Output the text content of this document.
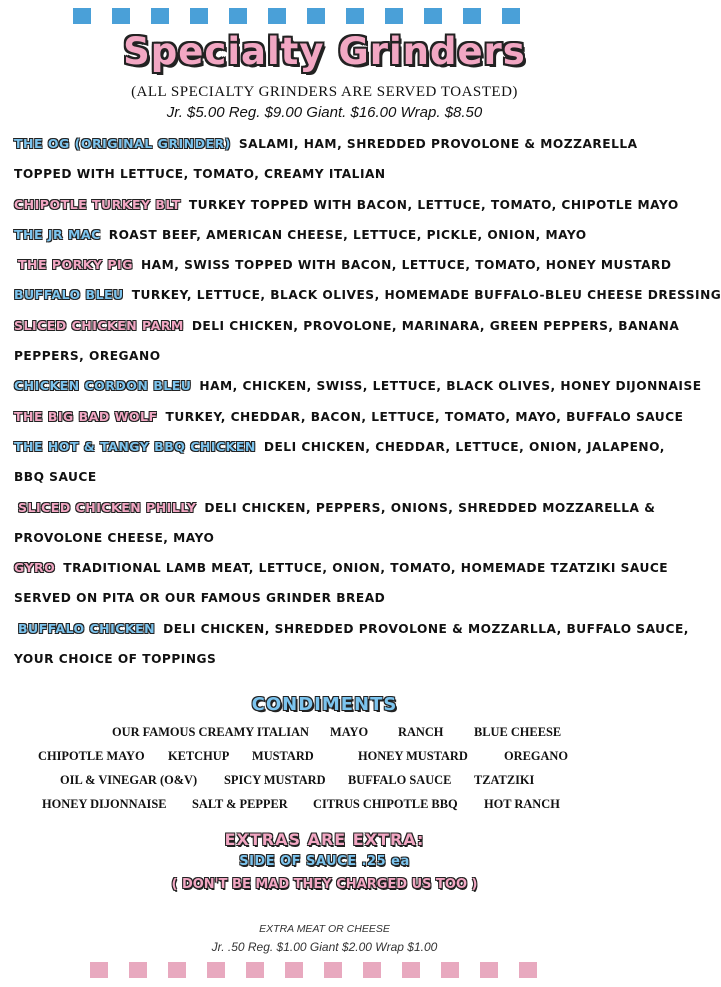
Specialty Grinders
(ALL SPECIALTY GRINDERS ARE SERVED TOASTED)
Jr. $5.00 Reg. $9.00 Giant. $16.00 Wrap. $8.50
THE OG (ORIGINAL GRINDER) SALAMI, HAM, SHREDDED PROVOLONE & MOZZARELLA
TOPPED WITH LETTUCE, TOMATO, CREAMY ITALIAN
CHIPOTLE TURKEY BLT TURKEY TOPPED WITH BACON, LETTUCE, TOMATO, CHIPOTLE MAYO
THE JR MAC ROAST BEEF, AMERICAN CHEESE, LETTUCE, PICKLE, ONION, MAYO
THE PORKY PIG HAM, SWISS TOPPED WITH BACON, LETTUCE, TOMATO, HONEY MUSTARD
BUFFALO BLEU TURKEY, LETTUCE, BLACK OLIVES, HOMEMADE BUFFALO-BLEU CHEESE DRESSING
SLICED CHICKEN PARM DELI CHICKEN, PROVOLONE, MARINARA, GREEN PEPPERS, BANANA
PEPPERS, OREGANO
CHICKEN CORDON BLEU HAM, CHICKEN, SWISS, LETTUCE, BLACK OLIVES, HONEY DIJONNAISE
THE BIG BAD WOLF TURKEY, CHEDDAR, BACON, LETTUCE, TOMATO, MAYO, BUFFALO SAUCE
THE HOT & TANGY BBQ CHICKEN DELI CHICKEN, CHEDDAR, LETTUCE, ONION, JALAPENO,
BBQ SAUCE
SLICED CHICKEN PHILLY DELI CHICKEN, PEPPERS, ONIONS, SHREDDED MOZZARELLA &
PROVOLONE CHEESE, MAYO
GYRO TRADITIONAL LAMB MEAT, LETTUCE, ONION, TOMATO, HOMEMADE TZATZIKI SAUCE
SERVED ON PITA OR OUR FAMOUS GRINDER BREAD
BUFFALO CHICKEN DELI CHICKEN, SHREDDED PROVOLONE & MOZZARLLA, BUFFALO SAUCE,
YOUR CHOICE OF TOPPINGS
CONDIMENTS
OUR FAMOUS CREAMY ITALIAN MAYO RANCH BLUE CHEESE
CHIPOTLE MAYO KETCHUP MUSTARD	HONEY MUSTARD	OREGANO
OIL & VINEGAR (O&V) SPICY MUSTARD BUFFALO SAUCE TZATZIKI
HONEY DIJONNAISE SALT & PEPPER CITRUS CHIPOTLE BBQ HOT RANCH
EXTRAS ARE EXTRA:
SIDE OF SAUCE .25 ea
( DON'T BE MAD THEY CHARGED US TOO )
EXTRA MEAT OR CHEESE
Jr. .50 Reg. $1.00 Giant $2.00 Wrap $1.00
